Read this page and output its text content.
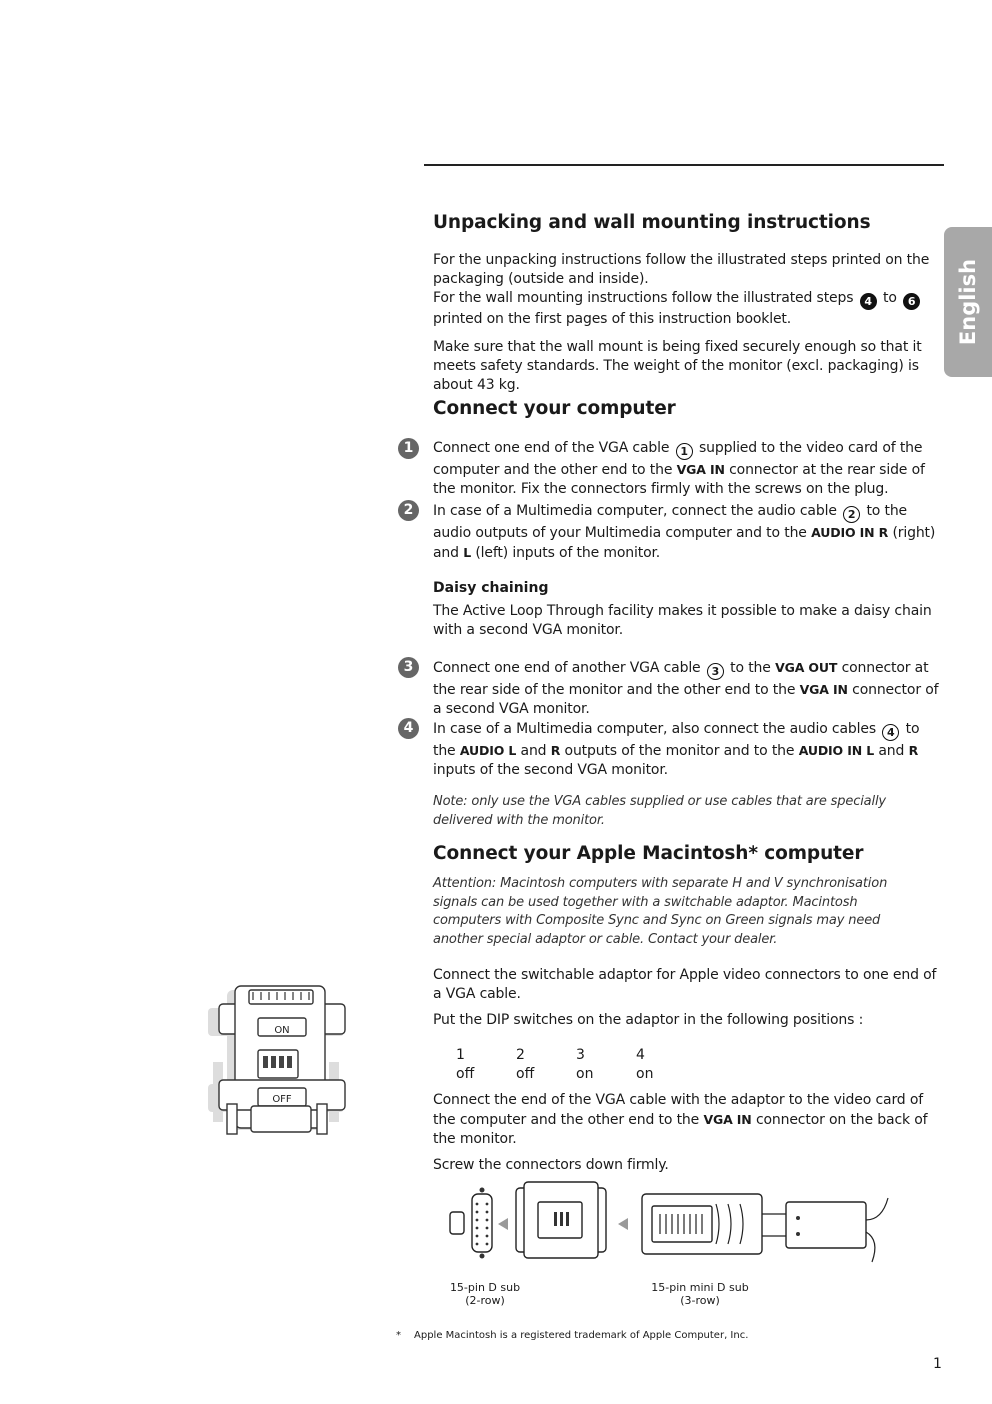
English
Unpacking and wall mounting instructions

For the unpacking instructions follow the illustrated steps printed on the packaging (outside and inside).

For the wall mounting instructions follow the illustrated steps 4 to 6 printed on the first pages of this instruction booklet.

Make sure that the wall mount is being fixed securely enough so that it meets safety standards. The weight of the monitor (excl. packaging) is about 43 kg.

Connect your computer
1	Connect one end of the VGA cable 1 supplied to the video card of the computer and the other end to the VGA IN connector at the rear side of the monitor. Fix the connectors firmly with the screws on the plug.

2	In case of a Multimedia computer, connect the audio cable 2 to the audio outputs of your Multimedia computer and to the AUDIO IN R (right) and L (left) inputs of the monitor.

Daisy chaining

The Active Loop Through facility makes it possible to make a daisy chain with a second VGA monitor.

3	Connect one end of another VGA cable 3 to the VGA OUT connector at the rear side of the monitor and the other end to the VGA IN connector of a second VGA monitor.

4	In case of a Multimedia computer, also connect the audio cables 4 to the AUDIO L and R outputs of the monitor and to the AUDIO IN L and R inputs of the second VGA monitor.

Note: only use the VGA cables supplied or use cables that are specially delivered with the monitor.

Connect your Apple Macintosh* computer

Attention: Macintosh computers with separate H and V synchronisation signals can be used together with a switchable adaptor. Macintosh computers with Composite Sync and Sync on Green signals may need another special adaptor or cable. Contact your dealer.

Connect the switchable adaptor for Apple video connectors to one end of a VGA cable.

Put the DIP switches on the adaptor in the following positions :

1	2	3	4
off	off	on	on

Connect the end of the VGA cable with the adaptor to the video card of the computer and the other end to the VGA IN connector on the back of the monitor.

Screw the connectors down firmly.

ON
OFF
15-pin D sub
(2-row)
15-pin mini D sub
(3-row)
* Apple Macintosh is a registered trademark of Apple Computer, Inc.
1
